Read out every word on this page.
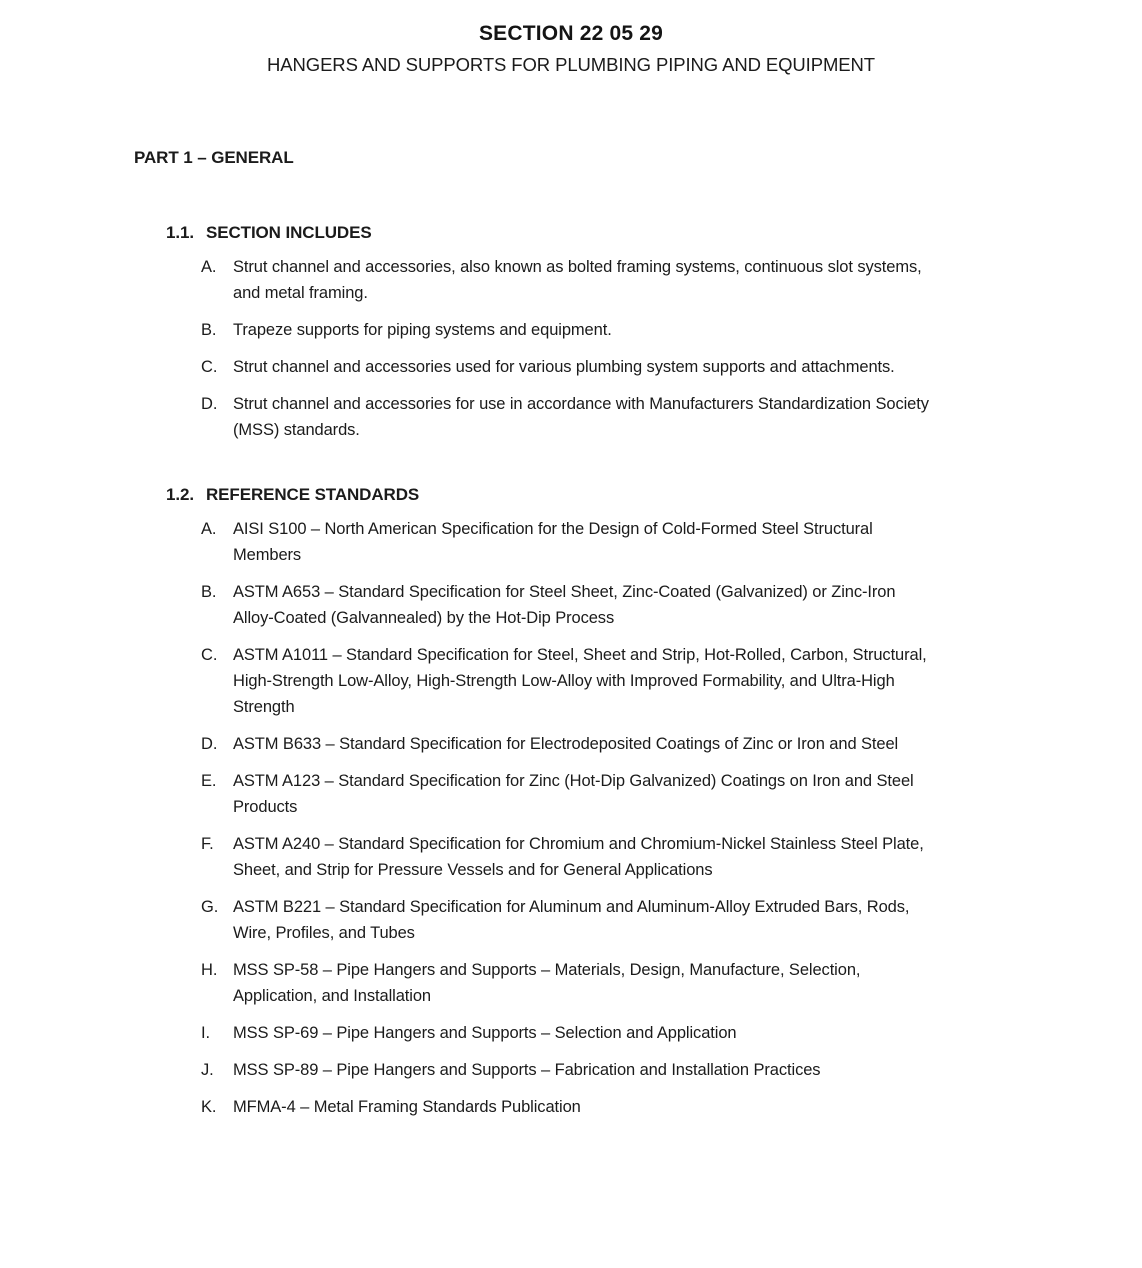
SECTION 22 05 29
HANGERS AND SUPPORTS FOR PLUMBING PIPING AND EQUIPMENT
PART 1 – GENERAL
1.1. SECTION INCLUDES
A.	Strut channel and accessories, also known as bolted framing systems, continuous slot systems, and metal framing.
B.	Trapeze supports for piping systems and equipment.
C. Strut channel and accessories used for various plumbing system supports and attachments.
D. Strut channel and accessories for use in accordance with Manufacturers Standardization Society (MSS) standards.
1.2. REFERENCE STANDARDS
A.	AISI S100 – North American Specification for the Design of Cold-Formed Steel Structural Members
B.	ASTM A653 – Standard Specification for Steel Sheet, Zinc-Coated (Galvanized) or Zinc-Iron Alloy-Coated (Galvannealed) by the Hot-Dip Process
C. ASTM A1011 – Standard Specification for Steel, Sheet and Strip, Hot-Rolled, Carbon, Structural, High-Strength Low-Alloy, High-Strength Low-Alloy with Improved Formability, and Ultra-High Strength
D. ASTM B633 – Standard Specification for Electrodeposited Coatings of Zinc or Iron and Steel
E.	ASTM A123 – Standard Specification for Zinc (Hot-Dip Galvanized) Coatings on Iron and Steel Products
F.	ASTM A240 – Standard Specification for Chromium and Chromium-Nickel Stainless Steel Plate, Sheet, and Strip for Pressure Vessels and for General Applications
G. ASTM B221 – Standard Specification for Aluminum and Aluminum-Alloy Extruded Bars, Rods, Wire, Profiles, and Tubes
H. MSS SP-58 – Pipe Hangers and Supports – Materials, Design, Manufacture, Selection, Application, and Installation
I.	MSS SP-69 – Pipe Hangers and Supports – Selection and Application
J.	MSS SP-89 – Pipe Hangers and Supports – Fabrication and Installation Practices
K.	MFMA-4 – Metal Framing Standards Publication
